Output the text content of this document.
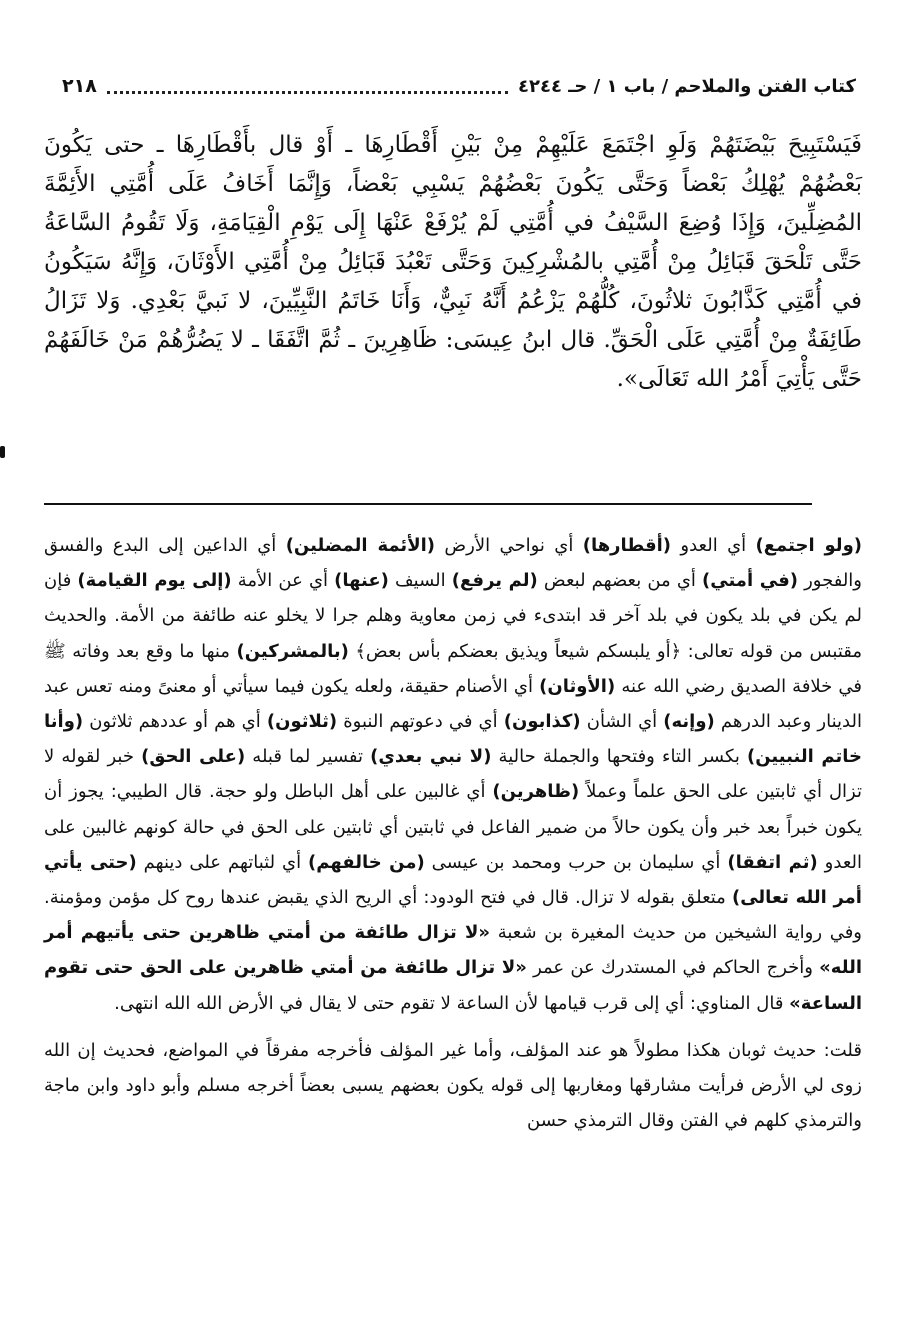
كتاب الفتن والملاحم / باب ١ / حـ ٤٢٤٤
٢١٨

فَيَسْتَبِيحَ بَيْضَتَهُمْ وَلَوِ اجْتَمَعَ عَلَيْهِمْ مِنْ بَيْنِ أَقْطَارِهَا ـ أَوْ قال بأَقْطَارِهَا ـ حتى يَكُونَ بَعْضُهُمْ يُهْلِكُ بَعْضاً وَحَتَّى يَكُونَ بَعْضُهُمْ يَسْبِي بَعْضاً، وَإِنَّمَا أَخَافُ عَلَى أُمَّتِي الأَئِمَّةَ المُضِلِّينَ، وَإِذَا وُضِعَ السَّيْفُ في أُمَّتِي لَمْ يُرْفَعْ عَنْهَا إِلَى يَوْمِ الْقِيَامَةِ، وَلَا تَقُومُ السَّاعَةُ حَتَّى تَلْحَقَ قَبَائِلُ مِنْ أُمَّتِي بالمُشْرِكِينَ وَحَتَّى تَعْبُدَ قَبَائِلُ مِنْ أُمَّتِي الأَوْثَانَ، وَإِنَّهُ سَيَكُونُ في أُمَّتِي كَذَّابُونَ ثلاثُونَ، كُلُّهُمْ يَزْعُمُ أَنَّهُ نَبِيٌّ، وَأَنَا خَاتَمُ النَّبِيِّينَ، لا نَبيَّ بَعْدِي. وَلا تَزَالُ طَائِفَةٌ مِنْ أُمَّتِي عَلَى الْحَقِّ. قال ابنُ عِيسَى: ظَاهِرِينَ ـ ثُمَّ اتَّفَقَا ـ لا يَضُرُّهُمْ مَنْ خَالَفَهُمْ حَتَّى يَأْتِيَ أَمْرُ الله تَعَالَى».

(ولو اجتمع) أي العدو (أقطارها) أي نواحي الأرض (الأئمة المضلين) أي الداعين إلى البدع والفسق والفجور (في أمتي) أي من بعضهم لبعض (لم يرفع) السيف (عنها) أي عن الأمة (إلى يوم القيامة) فإن لم يكن في بلد يكون في بلد آخر قد ابتدىء في زمن معاوية وهلم جرا لا يخلو عنه طائفة من الأمة. والحديث مقتبس من قوله تعالى: ﴿أو يلبسكم شيعاً ويذيق بعضكم بأس بعض﴾ (بالمشركين) منها ما وقع بعد وفاته ﷺ في خلافة الصديق رضي الله عنه (الأوثان) أي الأصنام حقيقة، ولعله يكون فيما سيأتي أو معنىً ومنه تعس عبد الدينار وعبد الدرهم (وإنه) أي الشأن (كذابون) أي في دعوتهم النبوة (ثلاثون) أي هم أو عددهم ثلاثون (وأنا خاتم النبيين) بكسر التاء وفتحها والجملة حالية (لا نبي بعدي) تفسير لما قبله (على الحق) خبر لقوله لا تزال أي ثابتين على الحق علماً وعملاً (ظاهرين) أي غالبين على أهل الباطل ولو حجة. قال الطيبي: يجوز أن يكون خبراً بعد خبر وأن يكون حالاً من ضمير الفاعل في ثابتين أي ثابتين على الحق في حالة كونهم غالبين على العدو (ثم اتفقا) أي سليمان بن حرب ومحمد بن عيسى (من خالفهم) أي لثباتهم على دينهم (حتى يأتي أمر الله تعالى) متعلق بقوله لا تزال. قال في فتح الودود: أي الريح الذي يقبض عندها روح كل مؤمن ومؤمنة. وفي رواية الشيخين من حديث المغيرة بن شعبة «لا تزال طائفة من أمتي ظاهرين حتى يأتيهم أمر الله» وأخرج الحاكم في المستدرك عن عمر «لا تزال طائفة من أمتي ظاهرين على الحق حتى تقوم الساعة» قال المناوي: أي إلى قرب قيامها لأن الساعة لا تقوم حتى لا يقال في الأرض الله الله انتهى.

قلت: حديث ثوبان هكذا مطولاً هو عند المؤلف، وأما غير المؤلف فأخرجه مفرقاً في المواضع، فحديث إن الله زوى لي الأرض فرأيت مشارقها ومغاربها إلى قوله يكون بعضهم يسبى بعضاً أخرجه مسلم وأبو داود وابن ماجة والترمذي كلهم في الفتن وقال الترمذي حسن
